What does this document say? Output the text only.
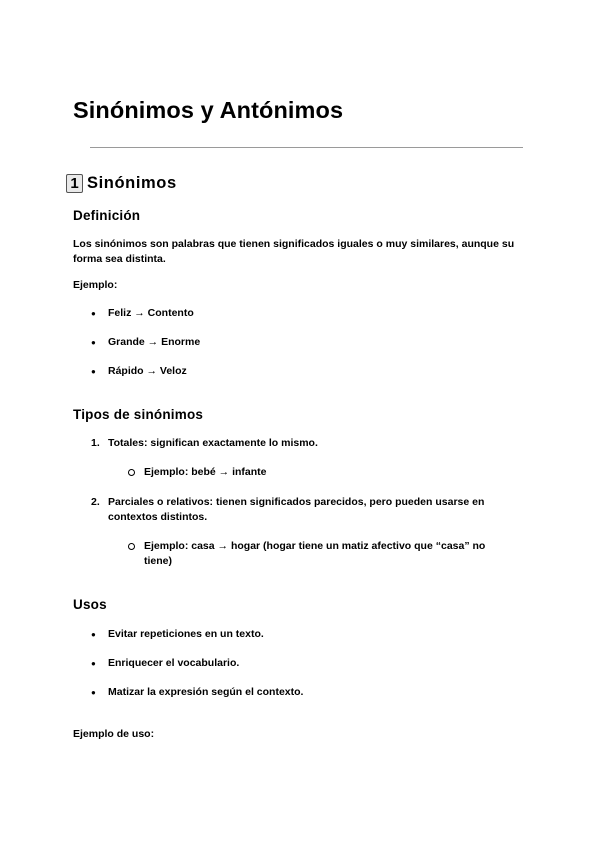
Sinónimos y Antónimos
1 Sinónimos
Definición

Los sinónimos son palabras que tienen significados iguales o muy similares, aunque su forma sea distinta.

Ejemplo:

●	Feliz → Contento
●	Grande → Enorme
●	Rápido → Veloz
Tipos de sinónimos
1. Totales: significan exactamente lo mismo.
Ejemplo: bebé → infante
2. Parciales o relativos: tienen significados parecidos, pero pueden usarse en contextos distintos.
Ejemplo: casa → hogar (hogar tiene un matiz afectivo que “casa” no tiene)
Usos
●	Evitar repeticiones en un texto.
●	Enriquecer el vocabulario.
●	Matizar la expresión según el contexto.

Ejemplo de uso:
